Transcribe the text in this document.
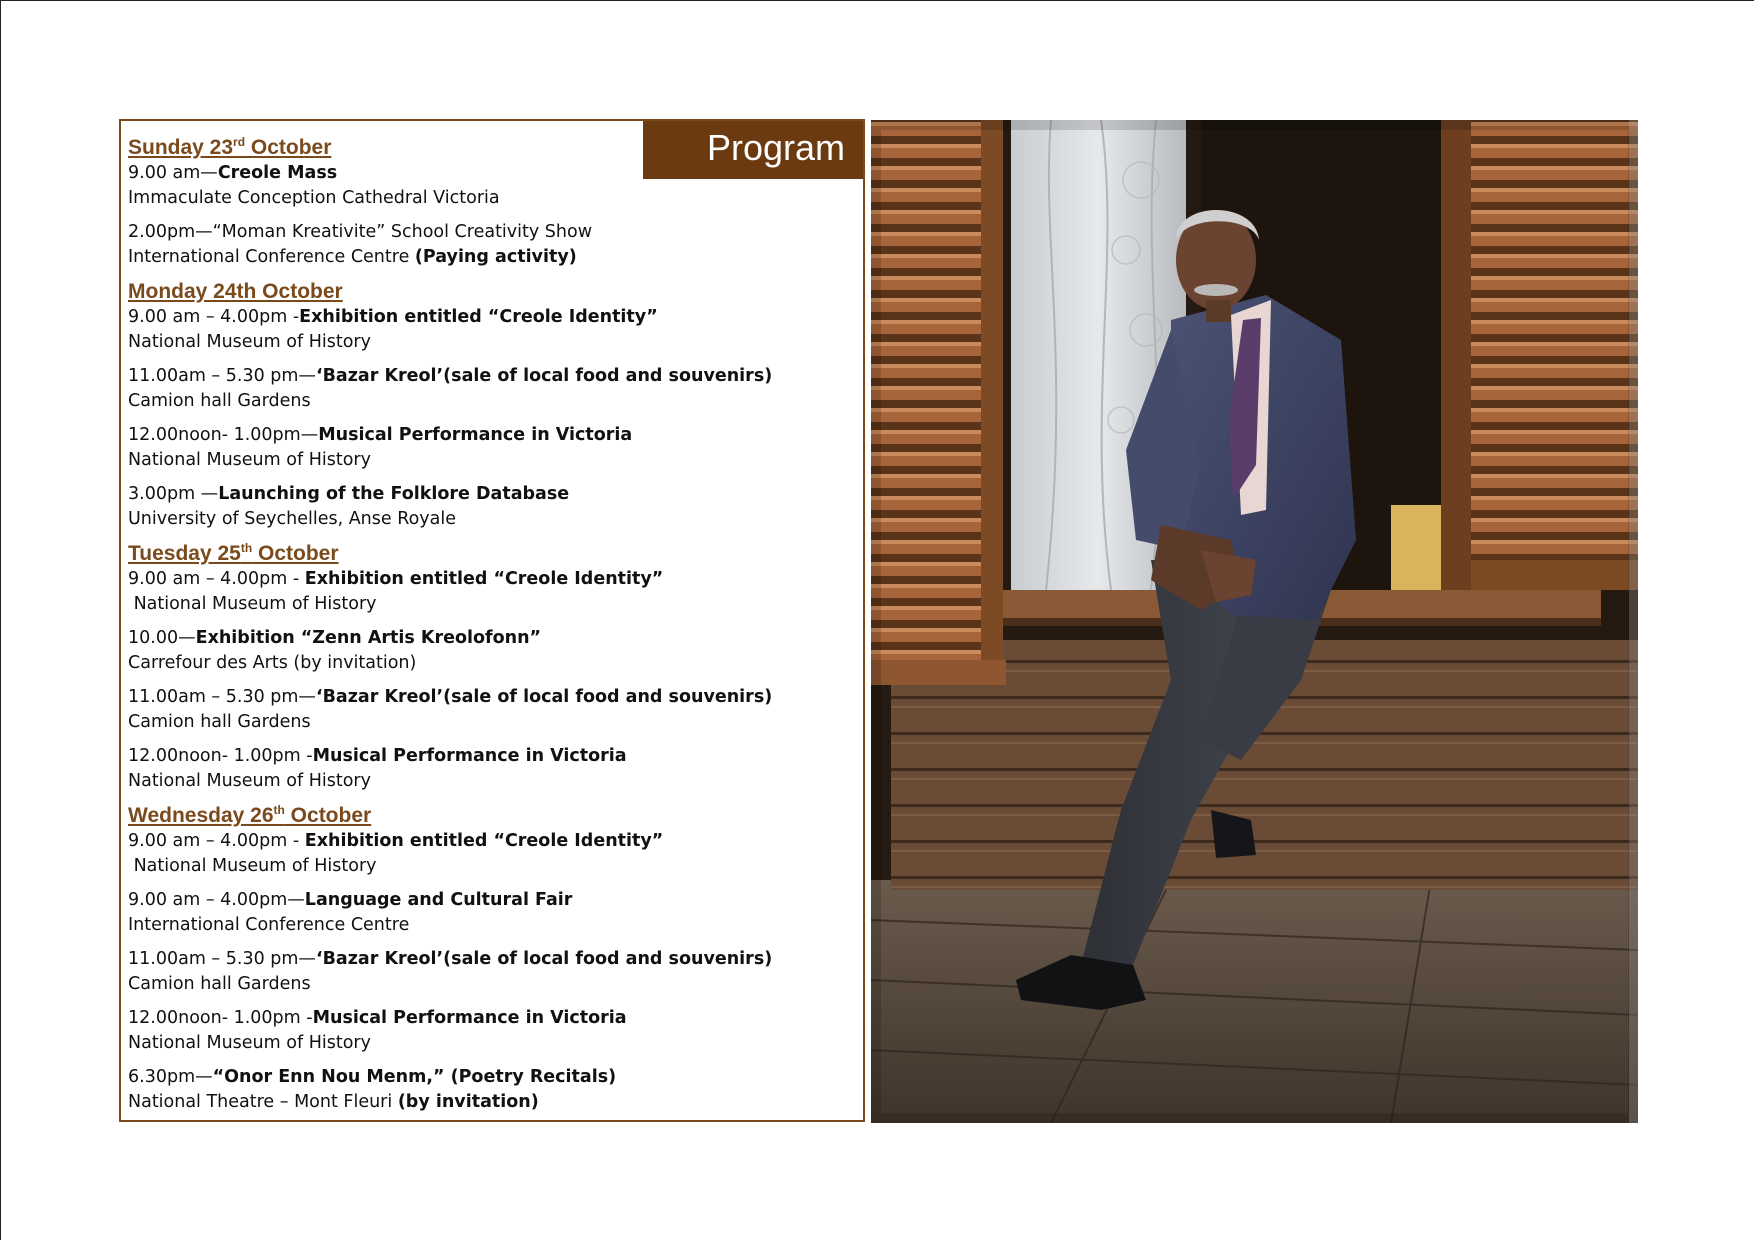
Program

Sunday 23rd October

9.00 am—Creole Mass
Immaculate Conception Cathedral Victoria
2.00pm—“Moman Kreativite” School Creativity Show
International Conference Centre (Paying activity)

Monday 24th October

9.00 am – 4.00pm -Exhibition entitled “Creole Identity”
National Museum of History
11.00am – 5.30 pm—‘Bazar Kreol’(sale of local food and souvenirs)
Camion hall Gardens
12.00noon- 1.00pm—Musical Performance in Victoria
National Museum of History
3.00pm —Launching of the Folklore Database
University of Seychelles, Anse Royale

Tuesday 25th October

9.00 am – 4.00pm - Exhibition entitled “Creole Identity”
National Museum of History
10.00—Exhibition “Zenn Artis Kreolofonn”
Carrefour des Arts (by invitation)
11.00am – 5.30 pm—‘Bazar Kreol’(sale of local food and souvenirs)
Camion hall Gardens
12.00noon- 1.00pm -Musical Performance in Victoria
National Museum of History

Wednesday 26th October

9.00 am – 4.00pm - Exhibition entitled “Creole Identity”
National Museum of History
9.00 am – 4.00pm—Language and Cultural Fair
International Conference Centre
11.00am – 5.30 pm—‘Bazar Kreol’(sale of local food and souvenirs)
Camion hall Gardens
12.00noon- 1.00pm -Musical Performance in Victoria
National Museum of History
6.30pm—“Onor Enn Nou Menm,” (Poetry Recitals)
National Theatre – Mont Fleuri (by invitation)
